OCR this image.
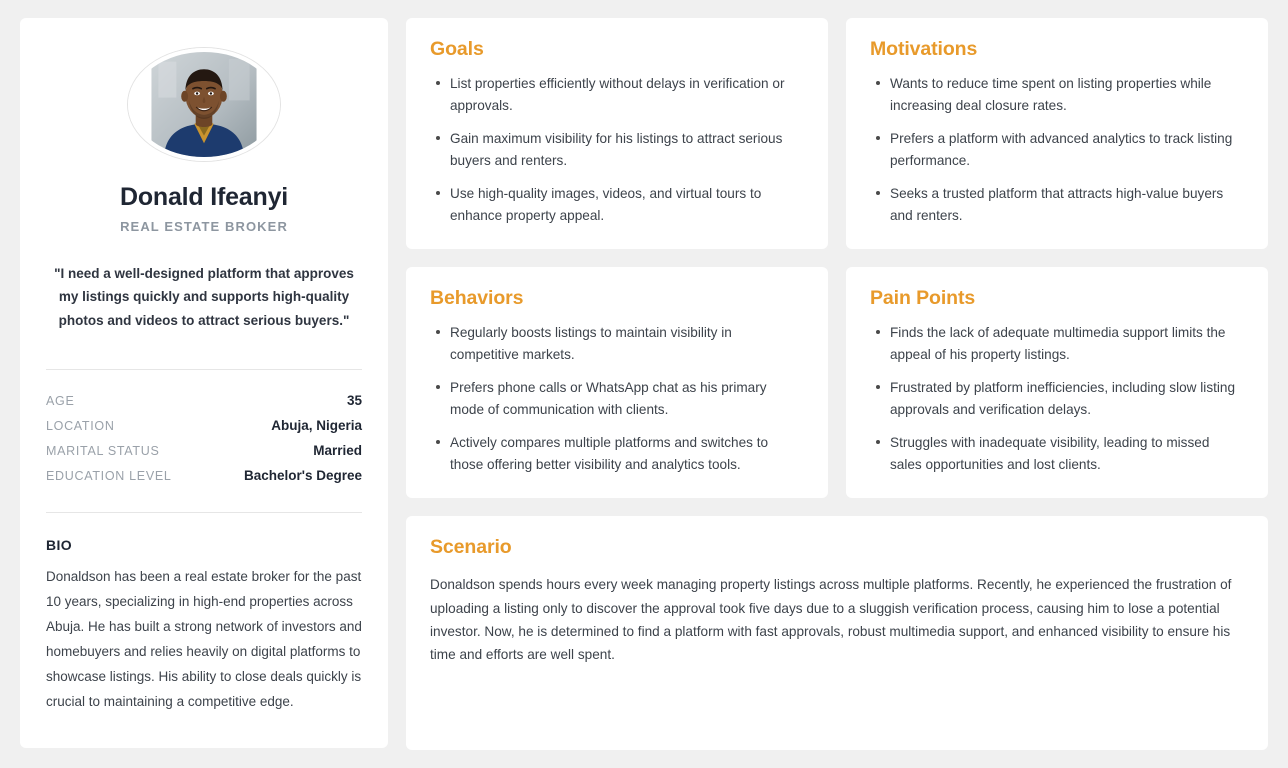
Donald Ifeanyi
REAL ESTATE BROKER

"I need a well-designed platform that approves my listings quickly and supports high-quality photos and videos to attract serious buyers."

AGE	35
LOCATION	Abuja, Nigeria
MARITAL STATUS	Married
EDUCATION LEVEL	Bachelor's Degree
BIO

Donaldson has been a real estate broker for the past 10 years, specializing in high-end properties across Abuja. He has built a strong network of investors and homebuyers and relies heavily on digital platforms to showcase listings. His ability to close deals quickly is crucial to maintaining a competitive edge.

Goals
List properties efficiently without delays in verification or approvals.
Gain maximum visibility for his listings to attract serious buyers and renters.
Use high-quality images, videos, and virtual tours to enhance property appeal.
Motivations
Wants to reduce time spent on listing properties while increasing deal closure rates.
Prefers a platform with advanced analytics to track listing performance.
Seeks a trusted platform that attracts high-value buyers and renters.
Behaviors
Regularly boosts listings to maintain visibility in competitive markets.
Prefers phone calls or WhatsApp chat as his primary mode of communication with clients.
Actively compares multiple platforms and switches to those offering better visibility and analytics tools.
Pain Points
Finds the lack of adequate multimedia support limits the appeal of his property listings.
Frustrated by platform inefficiencies, including slow listing approvals and verification delays.
Struggles with inadequate visibility, leading to missed sales opportunities and lost clients.
Scenario

Donaldson spends hours every week managing property listings across multiple platforms. Recently, he experienced the frustration of uploading a listing only to discover the approval took five days due to a sluggish verification process, causing him to lose a potential investor. Now, he is determined to find a platform with fast approvals, robust multimedia support, and enhanced visibility to ensure his time and efforts are well spent.
